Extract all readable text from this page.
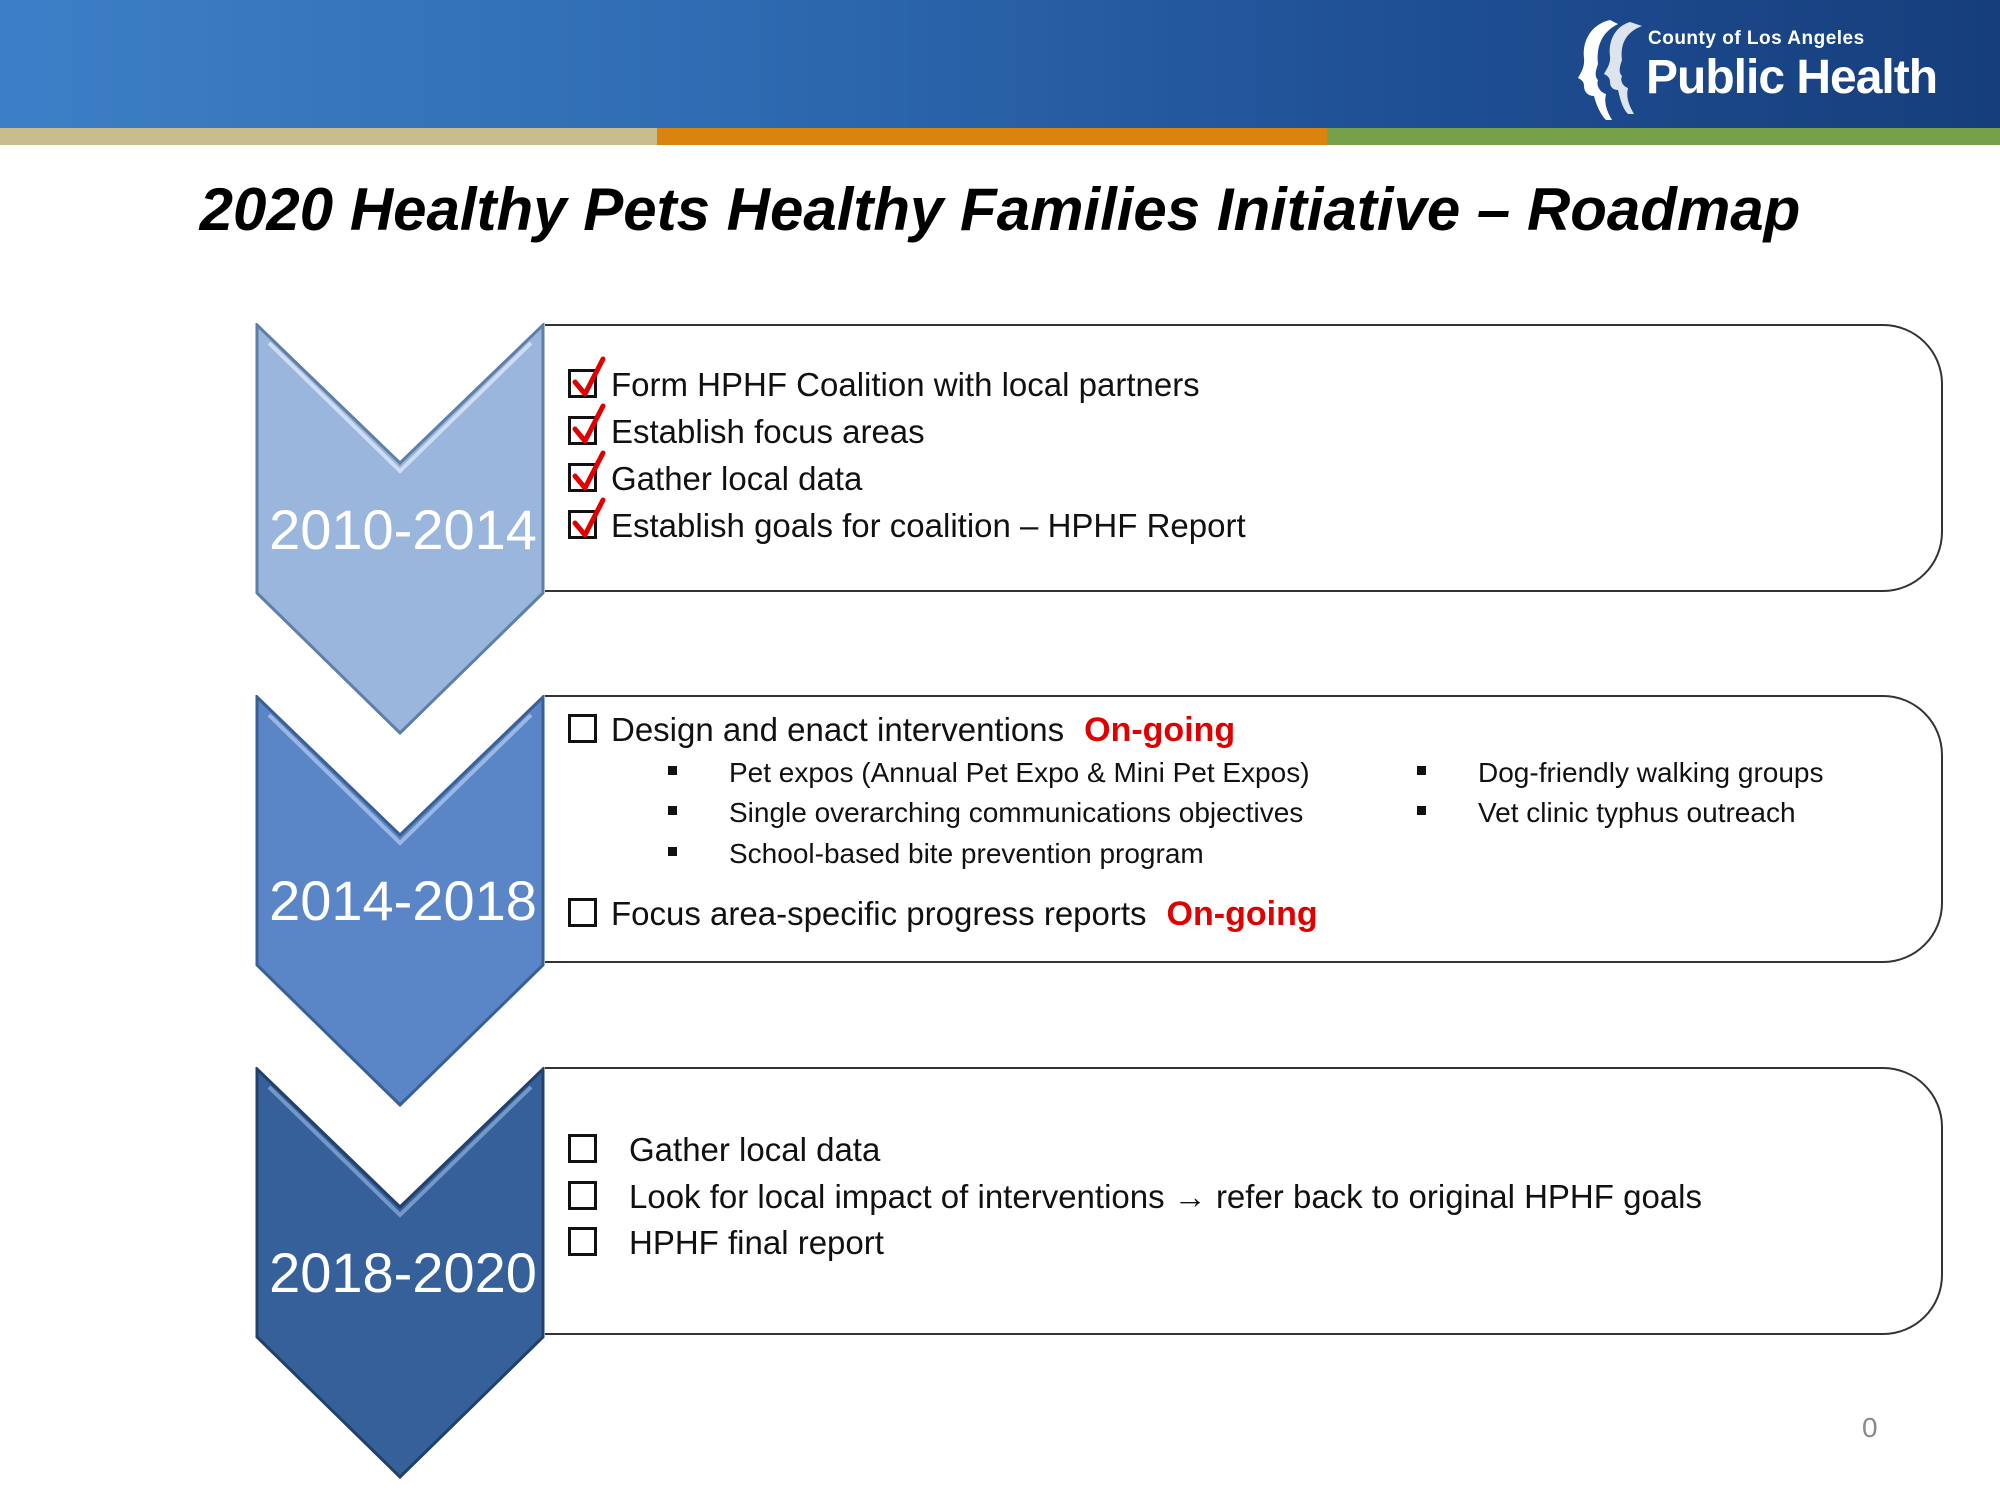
County of Los Angeles
Public Health
2020 Healthy Pets Healthy Families Initiative – Roadmap
2010-2014
2014-2018
2018-2020
Form HPHF Coalition with local partners
Establish focus areas
Gather local data
Establish goals for coalition – HPHF Report
Design and enact interventions On-going
Pet expos (Annual Pet Expo & Mini Pet Expos)
Single overarching communications objectives
School-based bite prevention program
Dog-friendly walking groups
Vet clinic typhus outreach
Focus area-specific progress reports On-going
Gather local data
Look for local impact of interventions → refer back to original HPHF goals
HPHF final report
0
